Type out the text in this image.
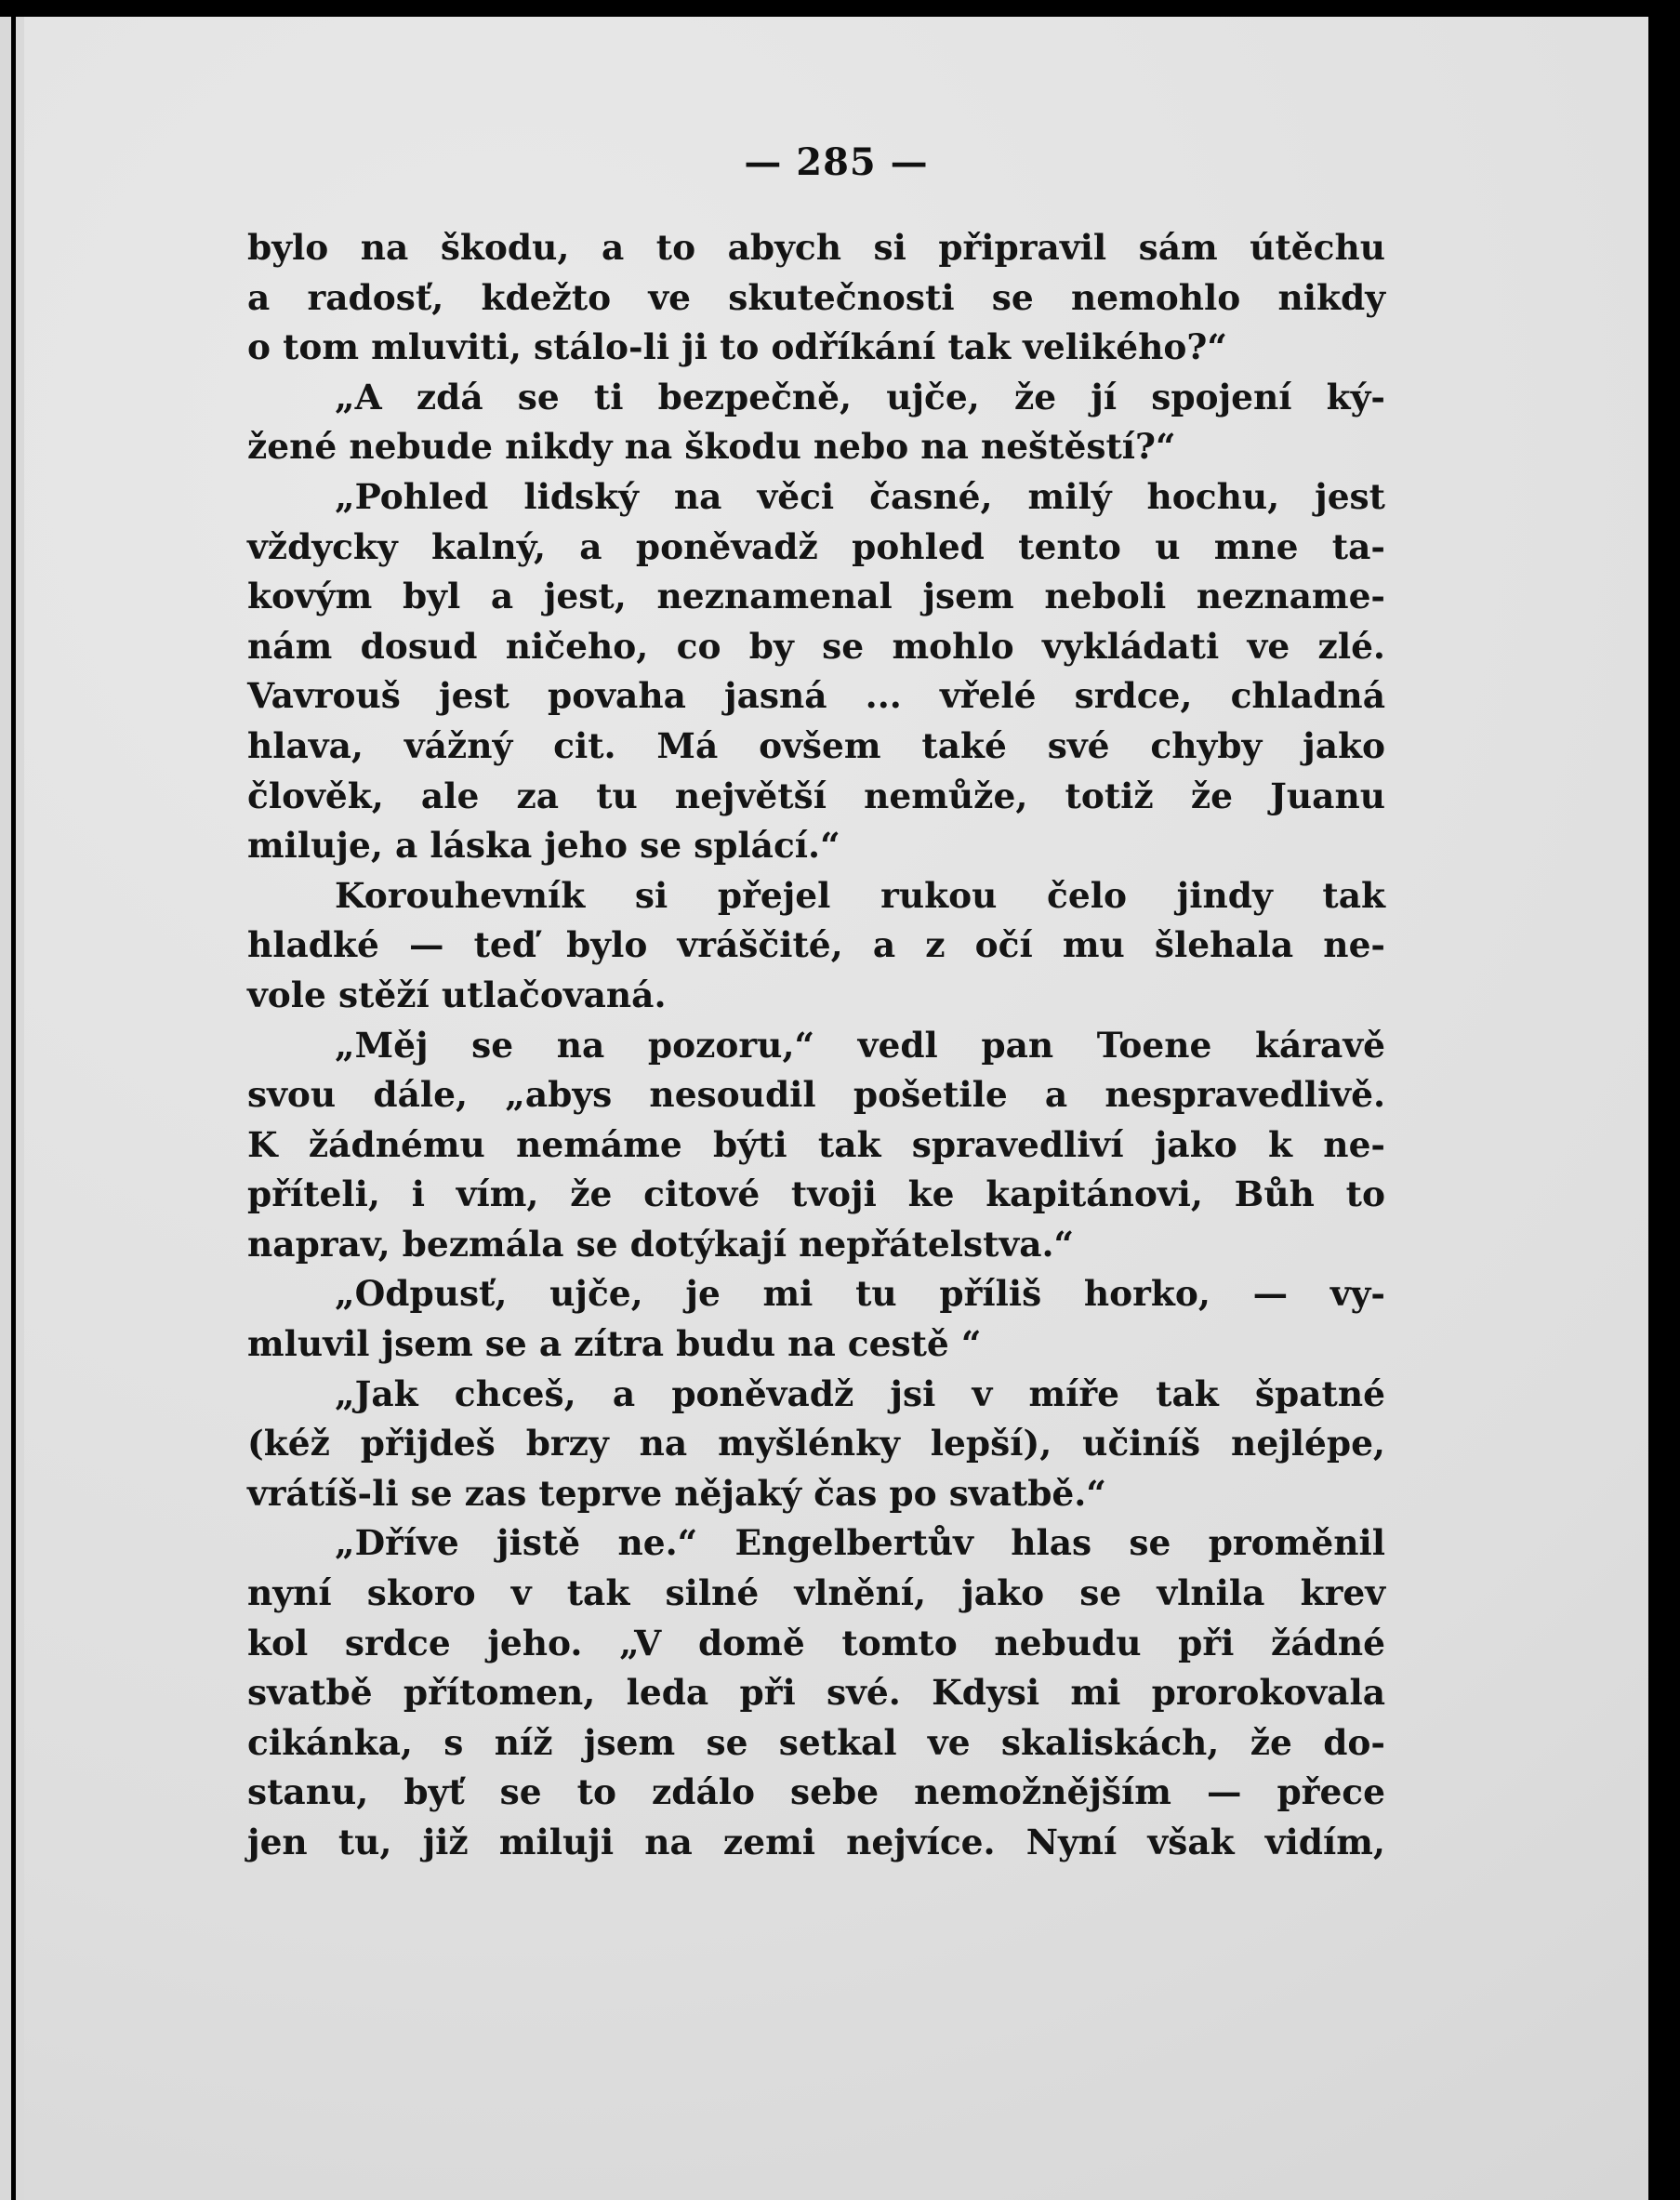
— 285 —
bylo na škodu, a to abych si připravil sám útěchu
a radosť, kdežto ve skutečnosti se nemohlo nikdy
o tom mluviti, stálo-li ji to odříkání tak velikého?“
„A zdá se ti bezpečně, ujče, že jí spojení ký-
žené nebude nikdy na škodu nebo na neštěstí?“
„Pohled lidský na věci časné, milý hochu, jest
vždycky kalný, a poněvadž pohled tento u mne ta-
kovým byl a jest, neznamenal jsem neboli neznamе-
nám dosud ničeho, co by se mohlo vykládati ve zlé.
Vavrouš jest povaha jasná ... vřelé srdce, chladná
hlava, vážný cit. Má ovšem také své chyby jako
člověk, ale za tu největší nemůže, totiž že Juanu
miluje, a láska jeho se splácí.“
Korouhevník si přejel rukou čelo jindy tak
hladké — teď bylo vráščité, a z očí mu šlehala ne-
vole stěží utlačovaná.
„Měj se na pozoru,“ vedl pan Toene káravě
svou dále, „abys nesoudil pošetile a nespravedlivě.
K žádnému nemáme býti tak spravedliví jako k ne-
příteli, i vím, že citové tvoji ke kapitánovi, Bůh to
naprav, bezmála se dotýkají nepřátelstva.“
„Odpusť, ujče, je mi tu příliš horko, — vy-
mluvil jsem se a zítra budu na cestě “
„Jak chceš, a poněvadž jsi v míře tak špatné
(kéž přijdeš brzy na myšlénky lepší), učiníš nejlépe,
vrátíš-li se zas teprve nějaký čas po svatbě.“
„Dříve jistě ne.“ Engelbertův hlas se proměnil
nyní skoro v tak silné vlnění, jako se vlnila krev
kol srdce jeho. „V domě tomto nebudu při žádné
svatbě přítomen, leda při své. Kdysi mi prorokovala
cikánka, s níž jsem se setkal ve skaliskách, že do-
stanu, byť se to zdálo sebe nemožnějším — přece
jen tu, již miluji na zemi nejvíce. Nyní však vidím,
